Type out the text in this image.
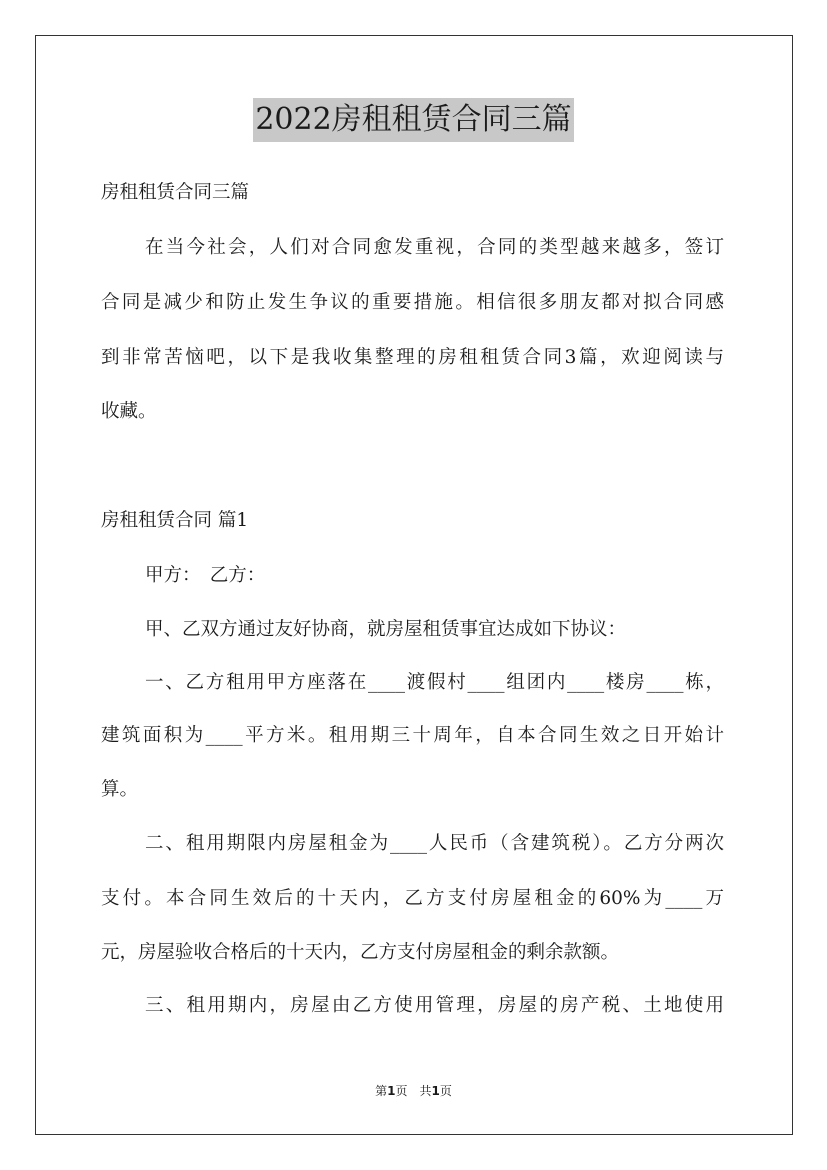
2022房租租赁合同三篇
房租租赁合同三篇
在当今社会，人们对合同愈发重视，合同的类型越来越多，签订
合同是减少和防止发生争议的重要措施。相信很多朋友都对拟合同感
到非常苦恼吧，以下是我收集整理的房租租赁合同3篇，欢迎阅读与
收藏。
房租租赁合同 篇1
甲方：　乙方：
甲、乙双方通过友好协商，就房屋租赁事宜达成如下协议：
一、乙方租用甲方座落在____渡假村____组团内____楼房____栋，
建筑面积为____平方米。租用期三十周年，自本合同生效之日开始计
算。
二、租用期限内房屋租金为____人民币（含建筑税）。乙方分两次
支付。本合同生效后的十天内，乙方支付房屋租金的60%为____万
元，房屋验收合格后的十天内，乙方支付房屋租金的剩余款额。
三、租用期内，房屋由乙方使用管理，房屋的房产税、土地使用
第1页　共1页
